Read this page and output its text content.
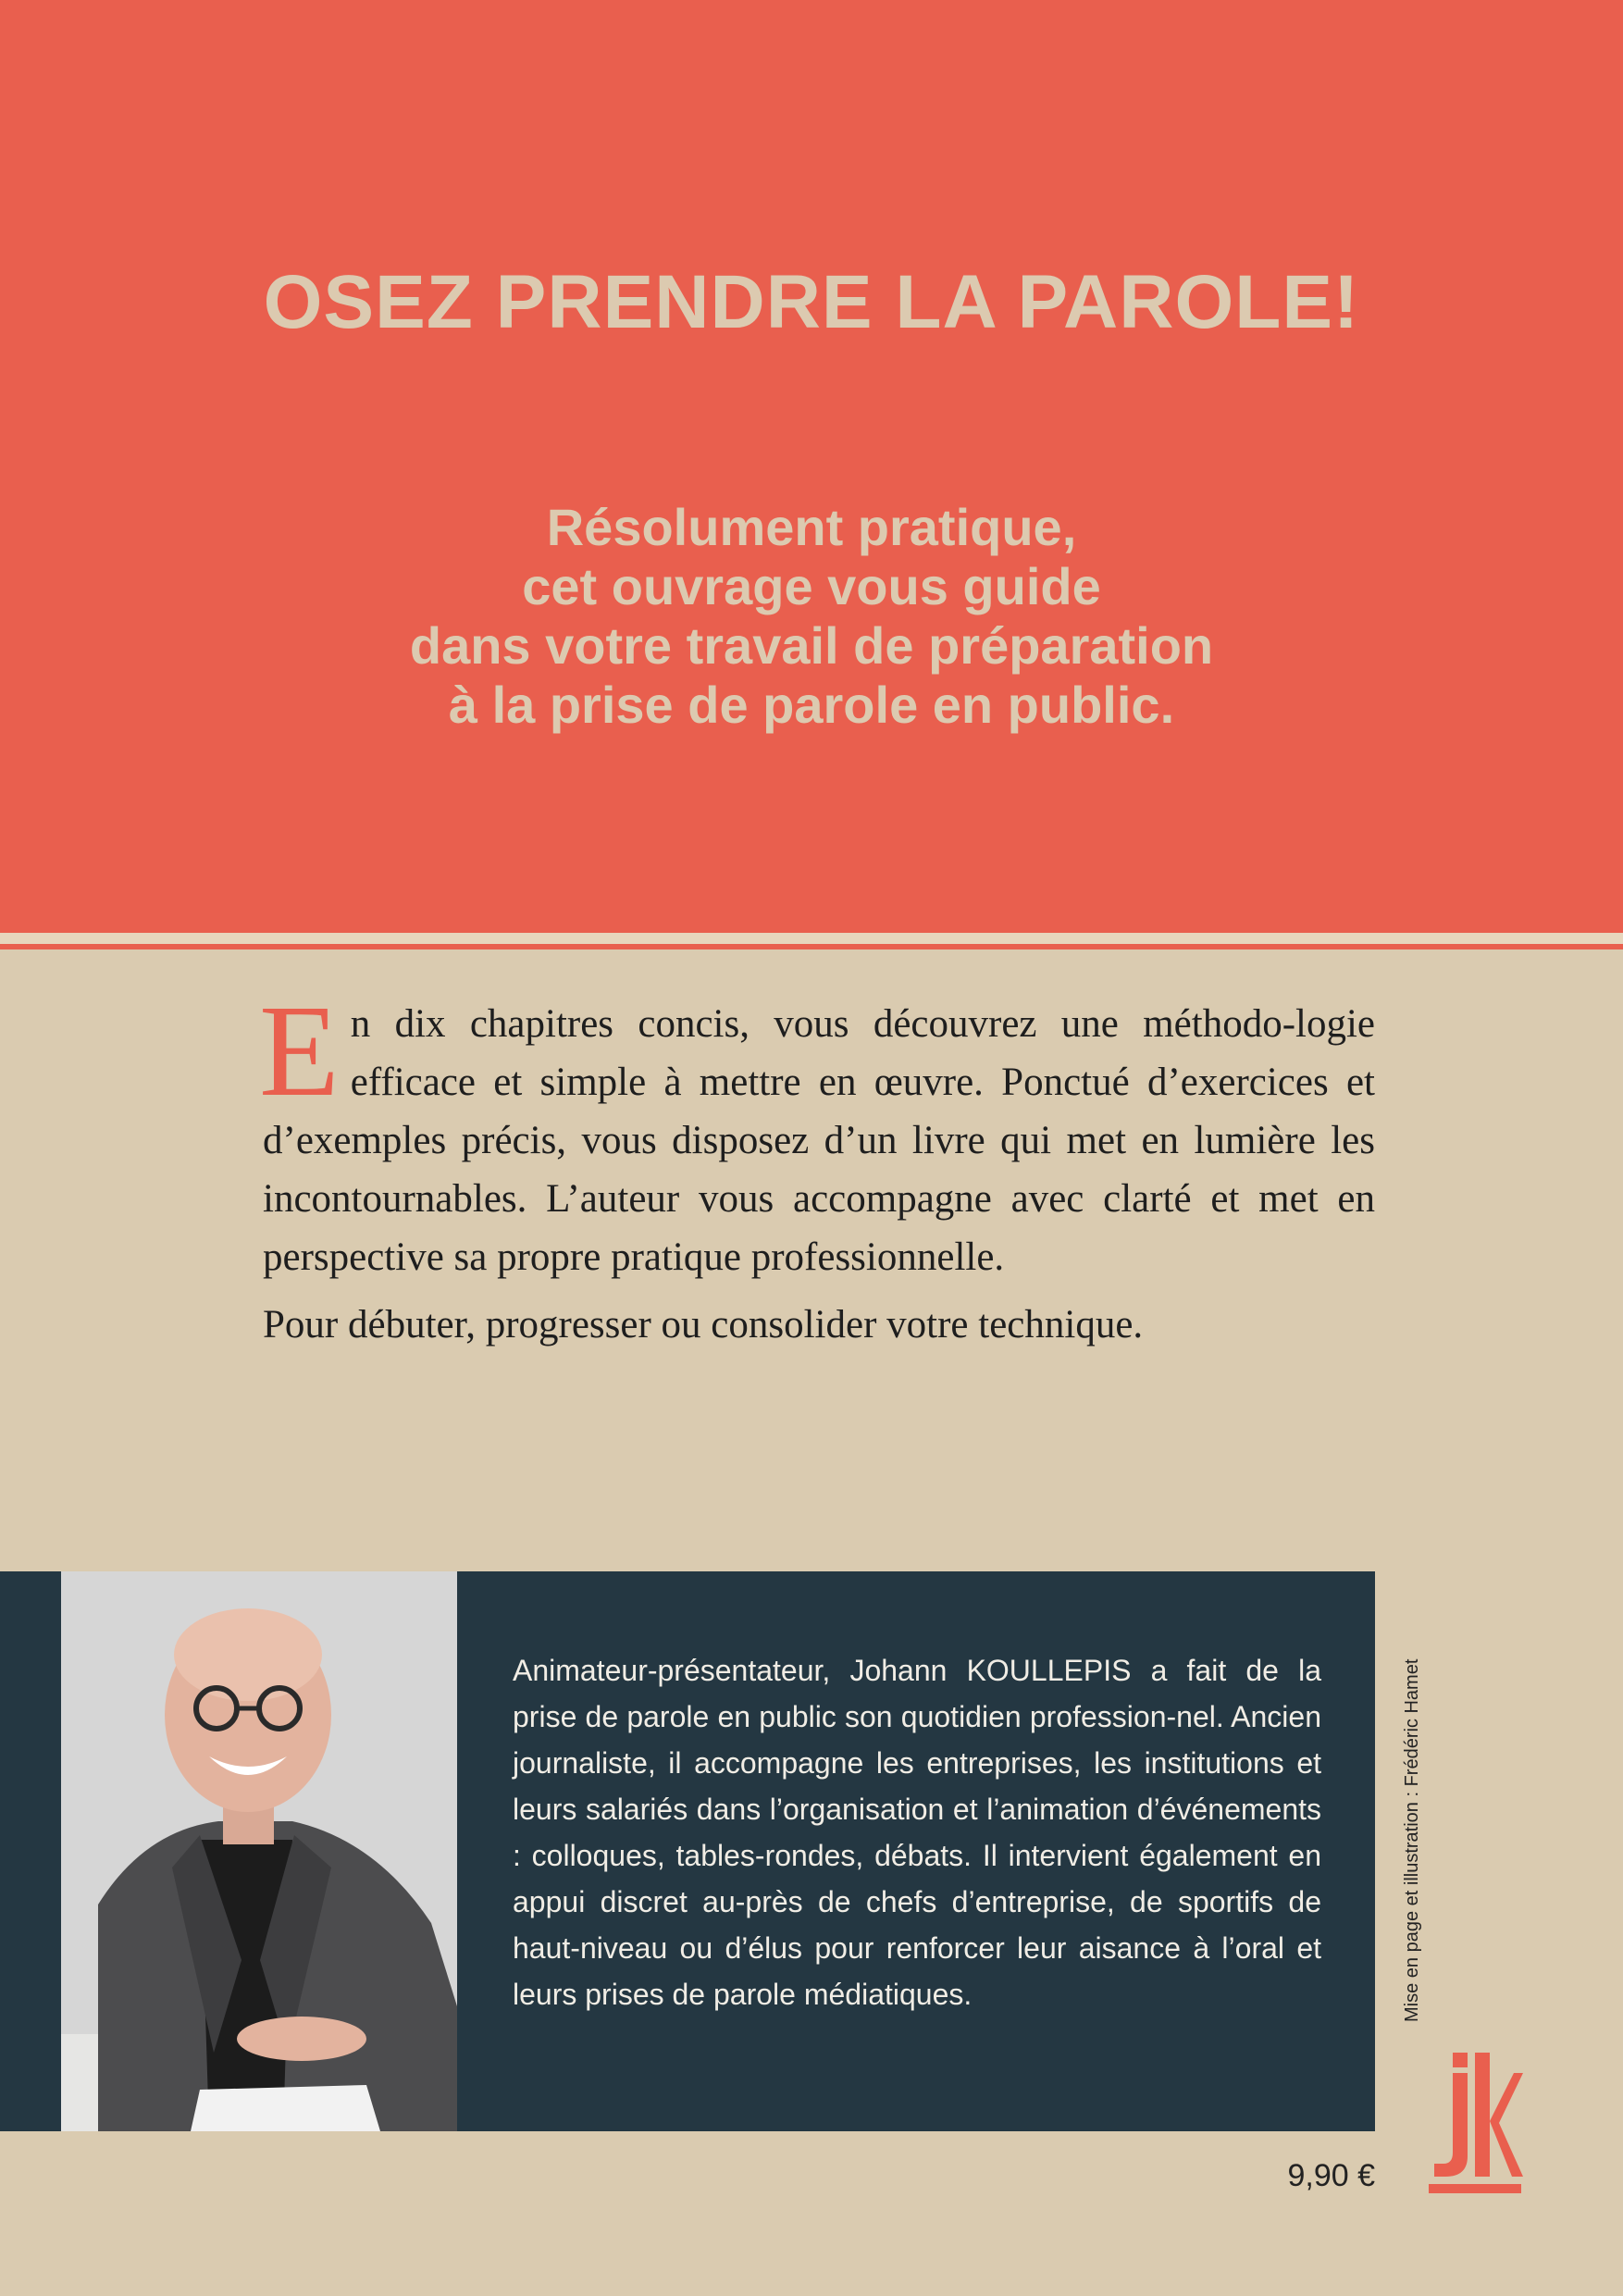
OSEZ PRENDRE LA PAROLE!
Résolument pratique,
cet ouvrage vous guide
dans votre travail de préparation
à la prise de parole en public.

En dix chapitres concis, vous découvrez une méthodo-logie efficace et simple à mettre en œuvre. Ponctué d’exercices et d’exemples précis, vous disposez d’un livre qui met en lumière les incontournables. L’auteur vous accompagne avec clarté et met en perspective sa propre pratique professionnelle.

Pour débuter, progresser ou consolider votre technique.

Animateur-présentateur, Johann KOULLEPIS a fait de la prise de parole en public son quotidien profession-nel. Ancien journaliste, il accompagne les entreprises, les institutions et leurs salariés dans l’organisation et l’animation d’événements : colloques, tables-rondes, débats. Il intervient également en appui discret au-près de chefs d’entreprise, de sportifs de haut-niveau ou d’élus pour renforcer leur aisance à l’oral et leurs prises de parole médiatiques.	Mise en page et illustration : Frédéric Hamet
9,90 €
